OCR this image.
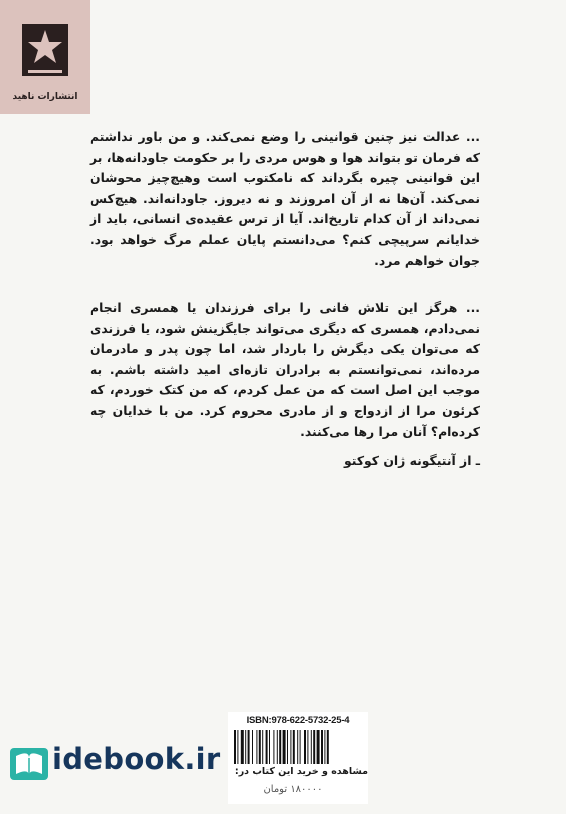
انتشارات ناهید

... عدالت نیز چنین قوانینی را وضع نمی‌کند. و من باور نداشتم که فرمان تو بتواند هوا و هوس مردی را بر حکومت جاودانه‌ها، بر این قوانینی چیره بگرداند که نامکتوب است وهیچ‌چیز محوشان نمی‌کند. آن‌ها نه از آن امروزند و نه دیروز. جاودانه‌اند. هیچ‌کس نمی‌داند از آن کدام تاریخ‌اند. آیا از ترس عقیده‌ی انسانی، باید از خدایانم سرپیچی کنم؟ می‌دانستم پایان عملم مرگ خواهد بود. جوان خواهم مرد.

... هرگز این تلاش فانی را برای فرزندان یا همسری انجام نمی‌دادم، همسری که دیگری می‌تواند جایگزینش شود، یا فرزندی که می‌توان یکی دیگرش را باردار شد، اما چون پدر و مادرمان مرده‌اند، نمی‌توانستم به برادران تازه‌ای امید داشته باشم. به موجب این اصل است که من عمل کردم، که من کتک خوردم، که کرئون مرا از ازدواج و از مادری محروم کرد. من با خدایان چه کرده‌ام؟ آنان مرا رها می‌کنند.

ـ از آنتیگونه ژان کوکتو
ISBN:978-622-5732-25-4
مشاهده و خرید این کتاب در:
۱۸۰۰۰۰ تومان
idebook.ir
